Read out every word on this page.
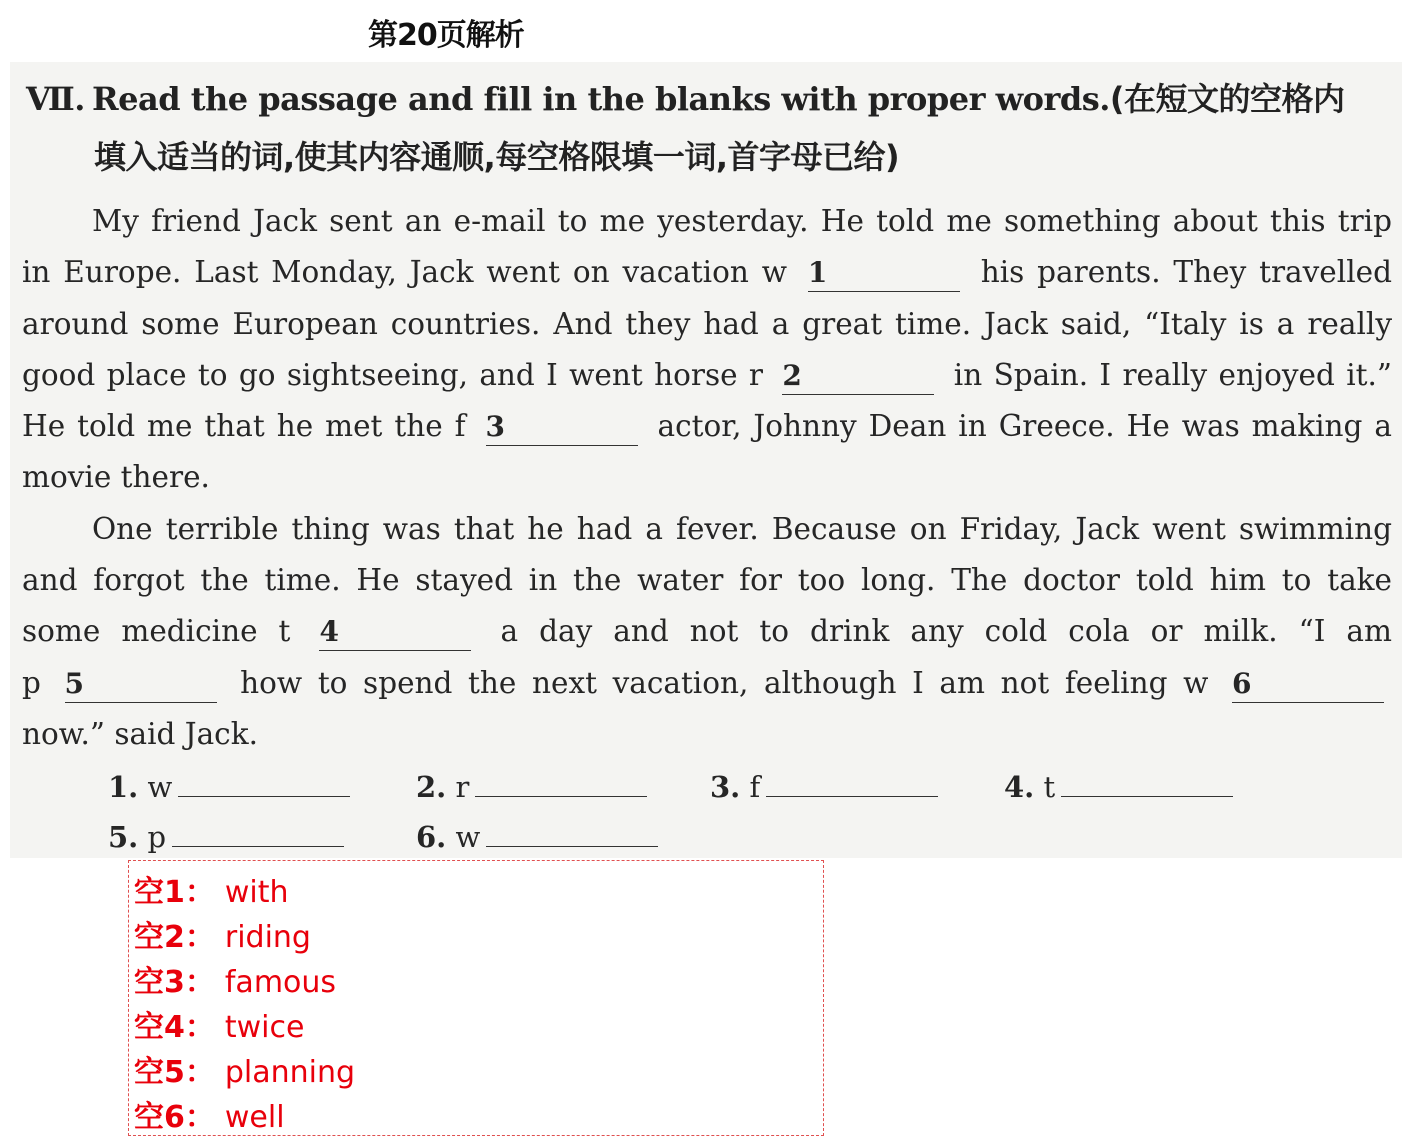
第20页解析
Ⅶ. Read the passage and fill in the blanks with proper words.(在短文的空格内
填入适当的词,使其内容通顺,每空格限填一词,首字母已给)
My friend Jack sent an e-mail to me yesterday. He told me something about this trip
in Europe. Last Monday, Jack went on vacation w 1	his parents. They travelled
around some European countries. And they had a great time. Jack said, “Italy is a really
good place to go sightseeing, and I went horse r 2	in Spain. I really enjoyed it.”
He told me that he met the f 3	actor, Johnny Dean in Greece. He was making a
movie there.
One terrible thing was that he had a fever. Because on Friday, Jack went swimming
and forgot the time. He stayed in the water for too long. The doctor told him to take
some medicine t 4	a day and not to drink any cold cola or milk. “I am
p 5	how to spend the next vacation, although I am not feeling w 6
now.” said Jack.
1. w	2. r	3. f	4. t
5. p	6. w
空1： with
空2： riding
空3： famous
空4： twice
空5： planning
空6： well
